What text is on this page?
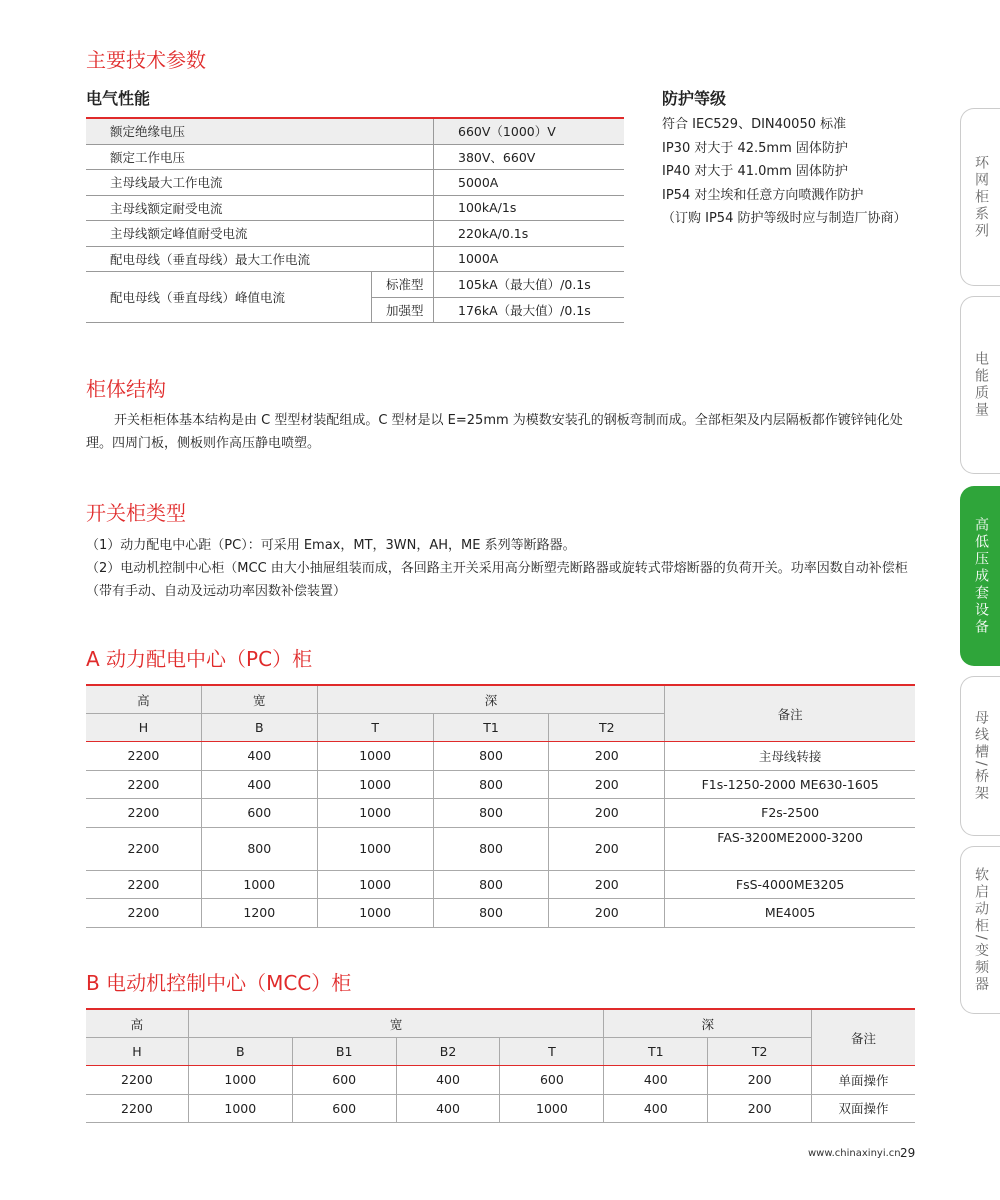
主要技术参数
电气性能
额定绝缘电压		660V（1000）V
额定工作电压		380V、660V
主母线最大工作电流		5000A
主母线额定耐受电流		100kA/1s
主母线额定峰值耐受电流		220kA/0.1s
配电母线（垂直母线）最大工作电流		1000A
配电母线（垂直母线）峰值电流	标准型	105kA（最大值）/0.1s
	加强型	176kA（最大值）/0.1s
防护等级
符合 IEC529、DIN40050 标准
IP30 对大于 42.5mm 固体防护
IP40 对大于 41.0mm 固体防护
IP54 对尘埃和任意方向喷溅作防护
（订购 IP54 防护等级时应与制造厂协商）
柜体结构
开关柜柜体基本结构是由 C 型型材装配组成。C 型材是以 E=25mm 为模数安装孔的钢板弯制而成。全部柜架及内层隔板都作镀锌钝化处理。四周门板，侧板则作高压静电喷塑。
开关柜类型
（1）动力配电中心距（PC）：可采用 Emax，MT，3WN，AH，ME 系列等断路器。
（2）电动机控制中心柜（MCC 由大小抽屉组装而成，各回路主开关采用高分断塑壳断路器或旋转式带熔断器的负荷开关。功率因数自动补偿柜（带有手动、自动及远动功率因数补偿装置）
A 动力配电中心（PC）柜
高	宽	深			备注
H	B	T	T1	T2	
2200	400	1000	800	200	主母线转接
2200	400	1000	800	200	F1s-1250-2000 ME630-1605
2200	600	1000	800	200	F2s-2500
2200	800	1000	800	200	FAS-3200ME2000-3200
2200	1000	1000	800	200	FsS-4000ME3205
2200	1200	1000	800	200	ME4005
B 电动机控制中心（MCC）柜
高	宽				深		备注
H	B	B1	B2	T	T1	T2	
2200	1000	600	400	600	400	200	单面操作
2200	1000	600	400	1000	400	200	双面操作
环网柜系列
电能质量
高低压成套设备
母线槽/桥架
软启动柜/变频器
www.chinaxinyi.cn 29
